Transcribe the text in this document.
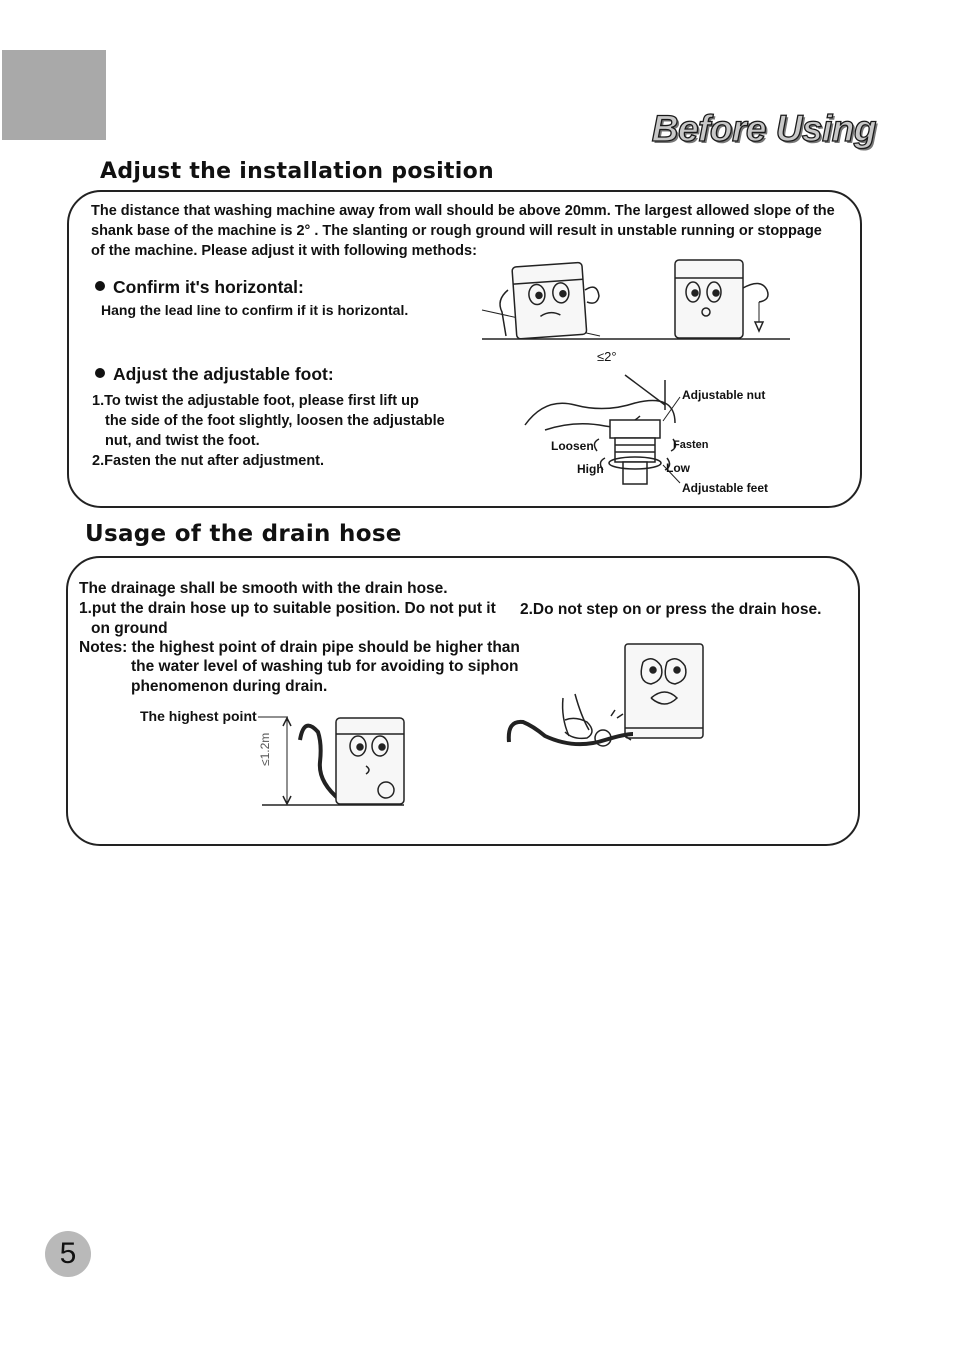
Before Using
Adjust the installation position
The distance that washing machine away from wall should be above 20mm. The largest allowed slope of the
shank base of the machine is 2° . The slanting or rough ground will result in unstable running or stoppage
of the machine. Please adjust it with following methods:
Confirm it's horizontal:
Hang the lead line to confirm if it is horizontal.
Adjust the adjustable foot:
1.To twist the adjustable foot, please first lift up
the side of the foot slightly, loosen the adjustable
nut, and twist the foot.
2.Fasten the nut after adjustment.
≤2°
Adjustable nut
Loosen	Fasten
High	Low
Adjustable feet
Usage of the drain hose
The drainage shall be smooth with the drain hose.
1.put the drain hose up to suitable position. Do not put it
on ground
Notes: the highest point of drain pipe should be higher than
the water level of washing tub for avoiding to siphon
phenomenon during drain.
2.Do not step on or press the drain hose.
The highest point
≤1.2m
5
